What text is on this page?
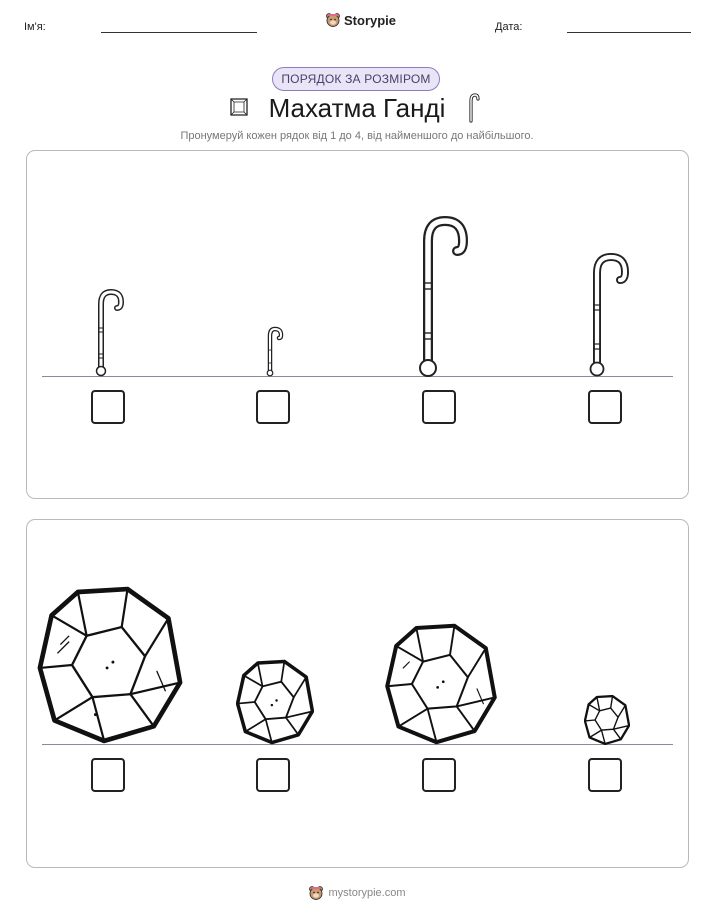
Ім'я:	Storypie	Дата:
ПОРЯДОК ЗА РОЗМІРОМ
Махатма Ганді
Пронумеруй кожен рядок від 1 до 4, від найменшого до найбільшого.
mystorypie.com
